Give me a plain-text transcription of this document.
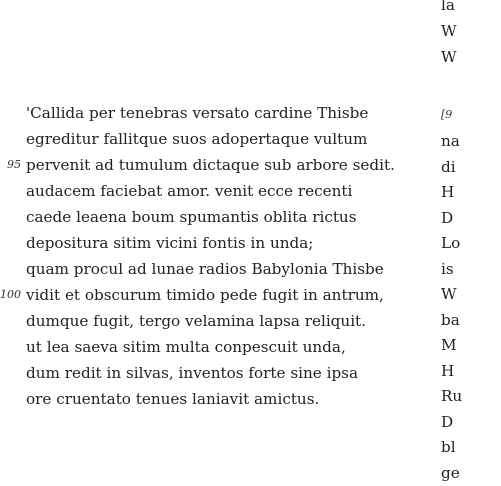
'Callida per tenebras versato cardine Thisbe
egreditur fallitque suos adopertaque vultum
95 pervenit ad tumulum dictaque sub arbore sedit.
audacem faciebat amor. venit ecce recenti
caede leaena boum spumantis oblita rictus
depositura sitim vicini fontis in unda;
quam procul ad lunae radios Babylonia Thisbe
100 vidit et obscurum timido pede fugit in antrum,
dumque fugit, tergo velamina lapsa reliquit.
ut lea saeva sitim multa conpescuit unda,
dum redit in silvas, inventos forte sine ipsa
ore cruentato tenues laniavit amictus.
la
W
W
[9
na
di
H
D
Lo
is
W
ba
M
H
Ru
D
bl
ge
